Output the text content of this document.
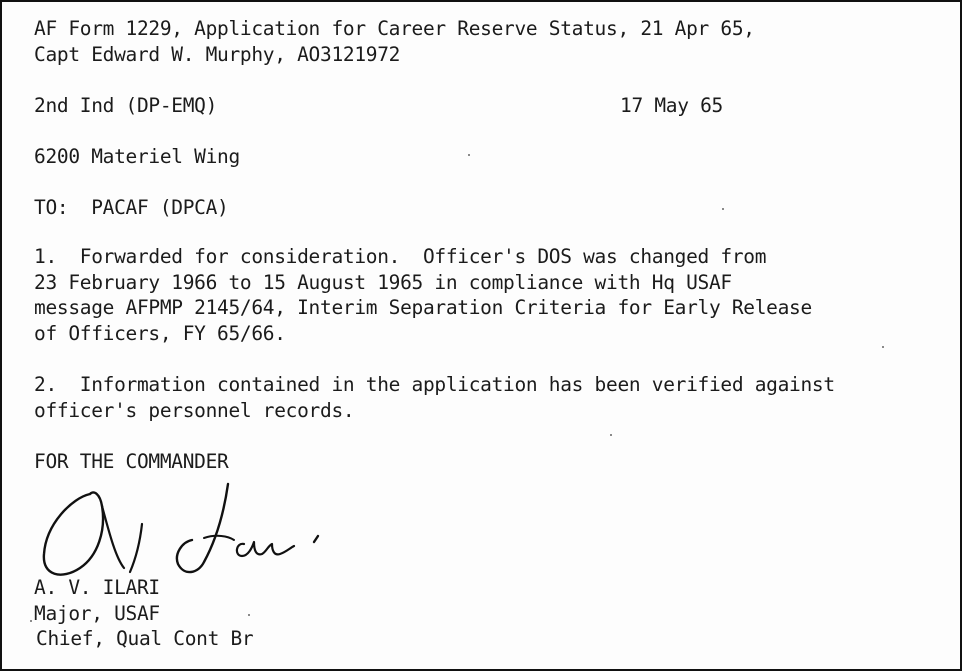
AF Form 1229, Application for Career Reserve Status, 21 Apr 65,
Capt Edward W. Murphy, AO3121972
2nd Ind (DP-EMQ)	17 May 65
6200 Materiel Wing
TO:  PACAF (DPCA)
1.  Forwarded for consideration.  Officer's DOS was changed from
23 February 1966 to 15 August 1965 in compliance with Hq USAF
message AFPMP 2145/64, Interim Separation Criteria for Early Release
of Officers, FY 65/66.
2.  Information contained in the application has been verified against
officer's personnel records.
FOR THE COMMANDER
A. V. ILARI
Major, USAF
Chief, Qual Cont Br
